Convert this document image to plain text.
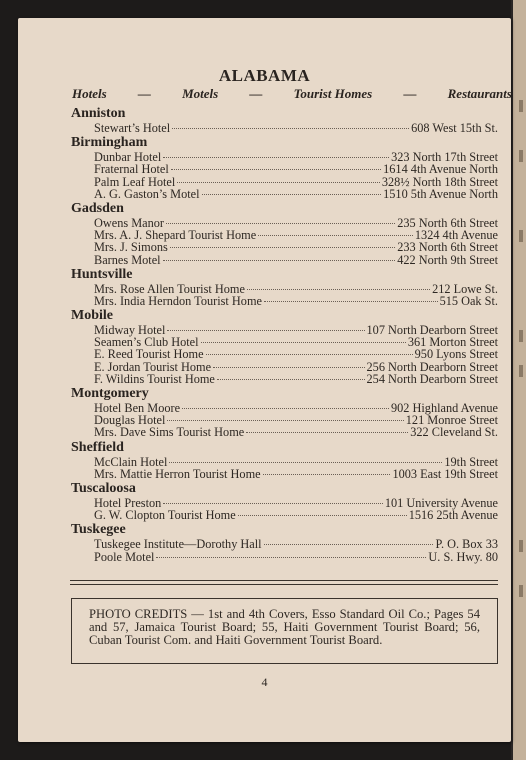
ALABAMA
Hotels — Motels — Tourist Homes — Restaurants
Anniston
Stewart’s Hotel	608 West 15th St.
Birmingham
Dunbar Hotel	323 North 17th Street
Fraternal Hotel	1614 4th Avenue North
Palm Leaf Hotel	328½ North 18th Street
A. G. Gaston’s Motel	1510 5th Avenue North
Gadsden
Owens Manor	235 North 6th Street
Mrs. A. J. Shepard Tourist Home	1324 4th Avenue
Mrs. J. Simons	233 North 6th Street
Barnes Motel	422 North 9th Street
Huntsville
Mrs. Rose Allen Tourist Home	212 Lowe St.
Mrs. India Herndon Tourist Home	515 Oak St.
Mobile
Midway Hotel	107 North Dearborn Street
Seamen’s Club Hotel	361 Morton Street
E. Reed Tourist Home	950 Lyons Street
E. Jordan Tourist Home	256 North Dearborn Street
F. Wildins Tourist Home	254 North Dearborn Street
Montgomery
Hotel Ben Moore	902 Highland Avenue
Douglas Hotel	121 Monroe Street
Mrs. Dave Sims Tourist Home	322 Cleveland St.
Sheffield
McClain Hotel	19th Street
Mrs. Mattie Herron Tourist Home	1003 East 19th Street
Tuscaloosa
Hotel Preston	101 University Avenue
G. W. Clopton Tourist Home	1516 25th Avenue
Tuskegee
Tuskegee Institute—Dorothy Hall	P. O. Box 33
Poole Motel	U. S. Hwy. 80
PHOTO CREDITS — 1st and 4th Covers, Esso Standard Oil Co.; Pages 54 and 57, Jamaica Tourist Board; 55, Haiti Government Tourist Board; 56, Cuban Tourist Com. and Haiti Government Tourist Board.
4
